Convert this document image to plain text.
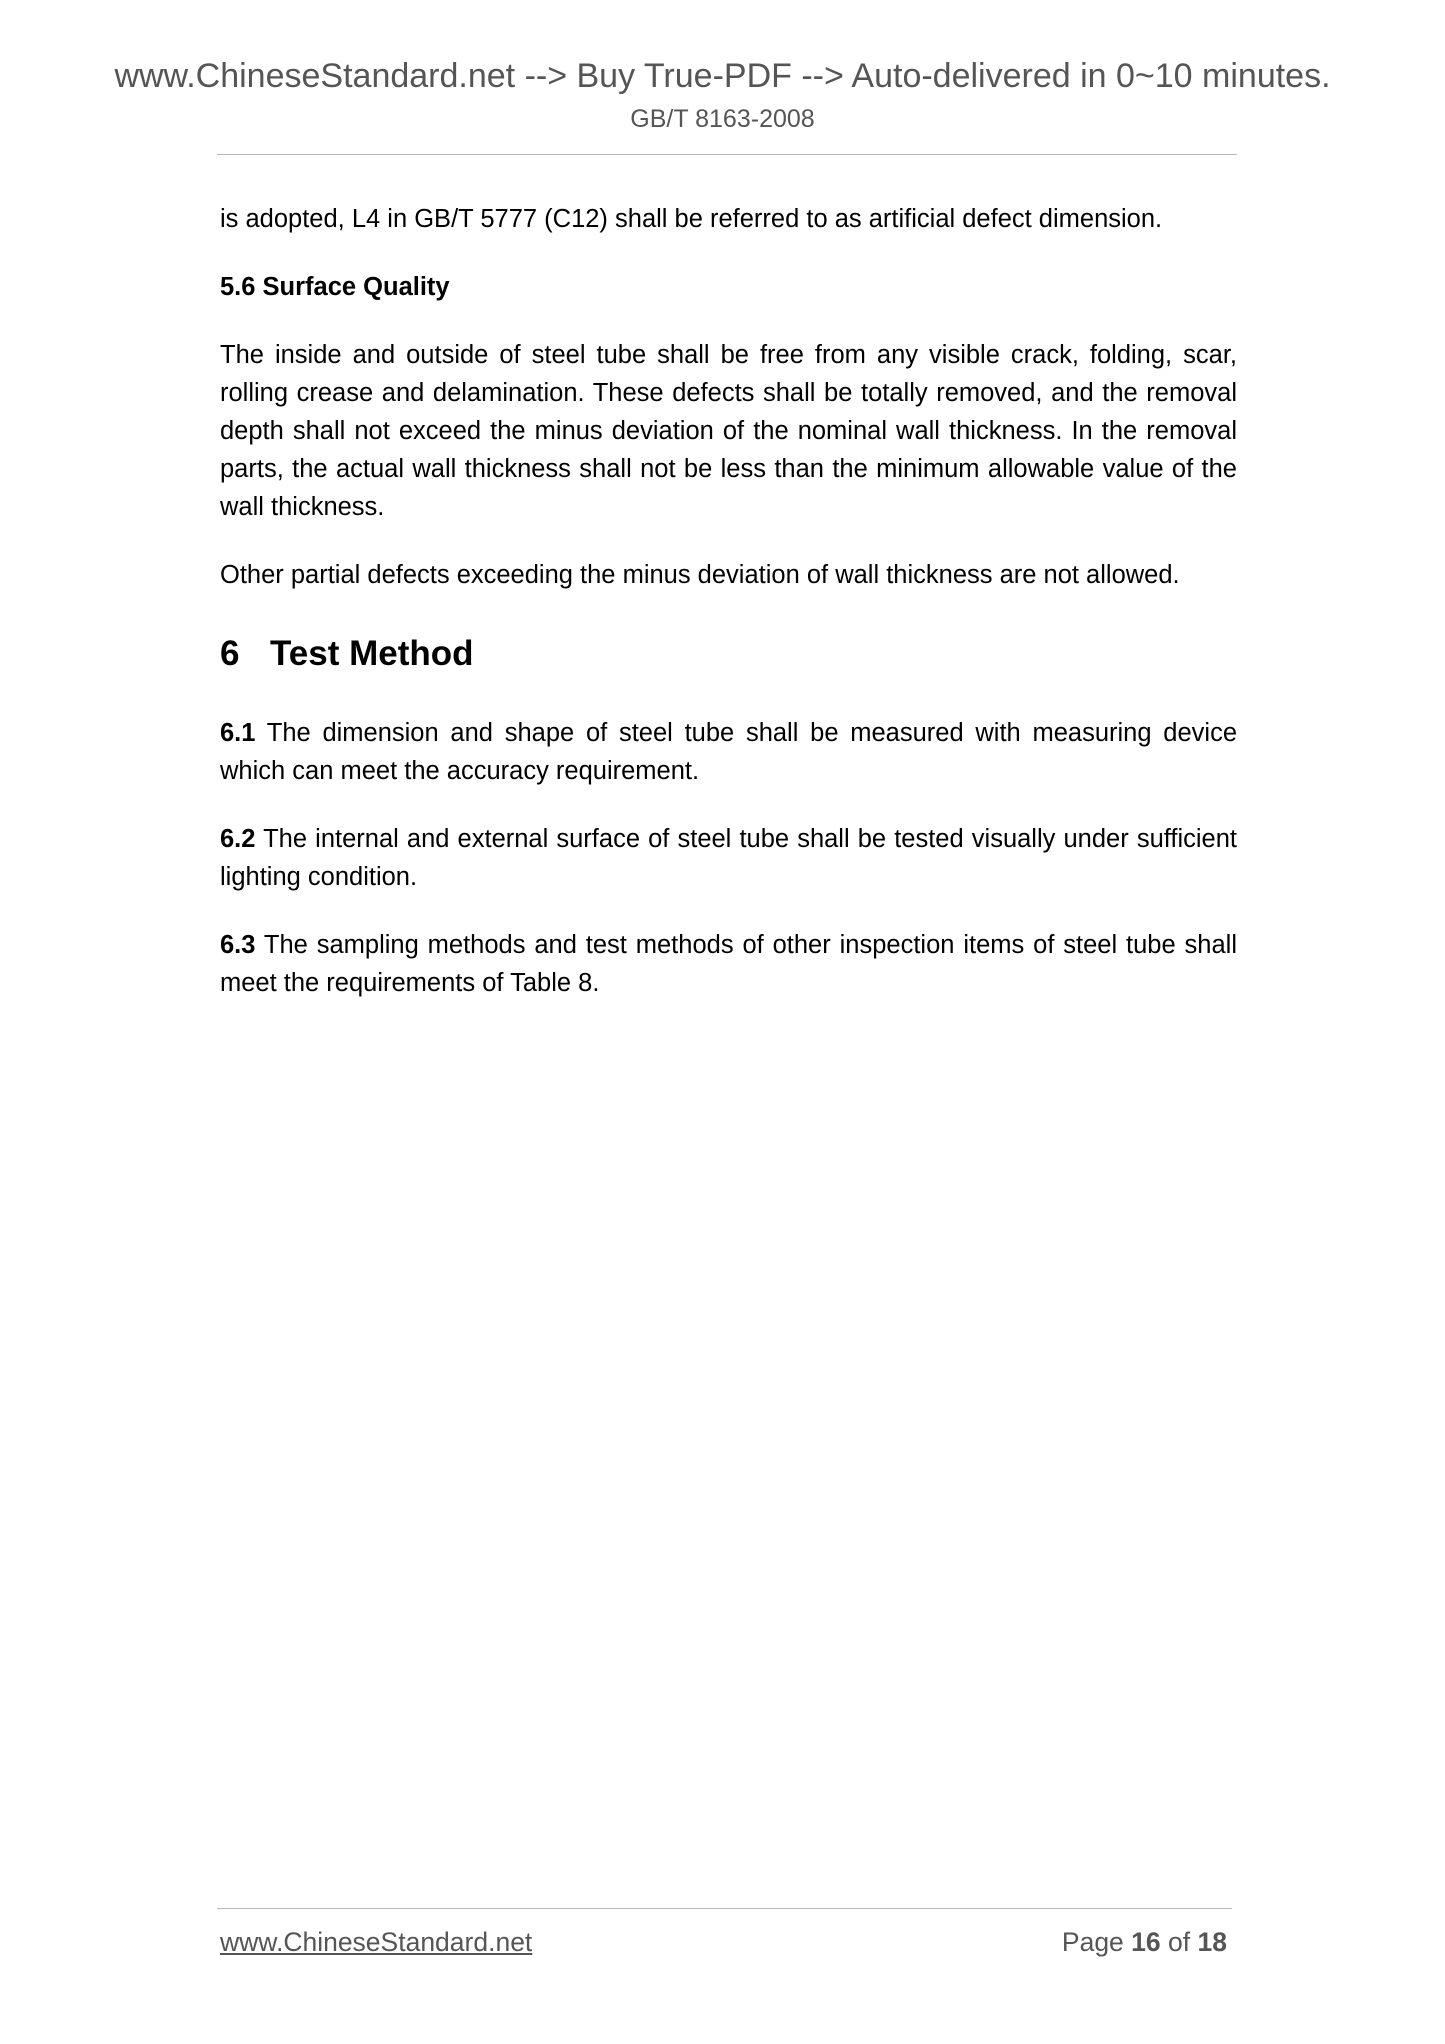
www.ChineseStandard.net --> Buy True-PDF --> Auto-delivered in 0~10 minutes.
GB/T 8163-2008

is adopted, L4 in GB/T 5777 (C12) shall be referred to as artificial defect dimension.

5.6 Surface Quality

The inside and outside of steel tube shall be free from any visible crack, folding, scar, rolling crease and delamination. These defects shall be totally removed, and the removal depth shall not exceed the minus deviation of the nominal wall thickness. In the removal parts, the actual wall thickness shall not be less than the minimum allowable value of the wall thickness.

Other partial defects exceeding the minus deviation of wall thickness are not allowed.

6 Test Method

6.1 The dimension and shape of steel tube shall be measured with measuring device which can meet the accuracy requirement.

6.2 The internal and external surface of steel tube shall be tested visually under sufficient lighting condition.

6.3 The sampling methods and test methods of other inspection items of steel tube shall meet the requirements of Table 8.

www.ChineseStandard.net	Page 16 of 18
